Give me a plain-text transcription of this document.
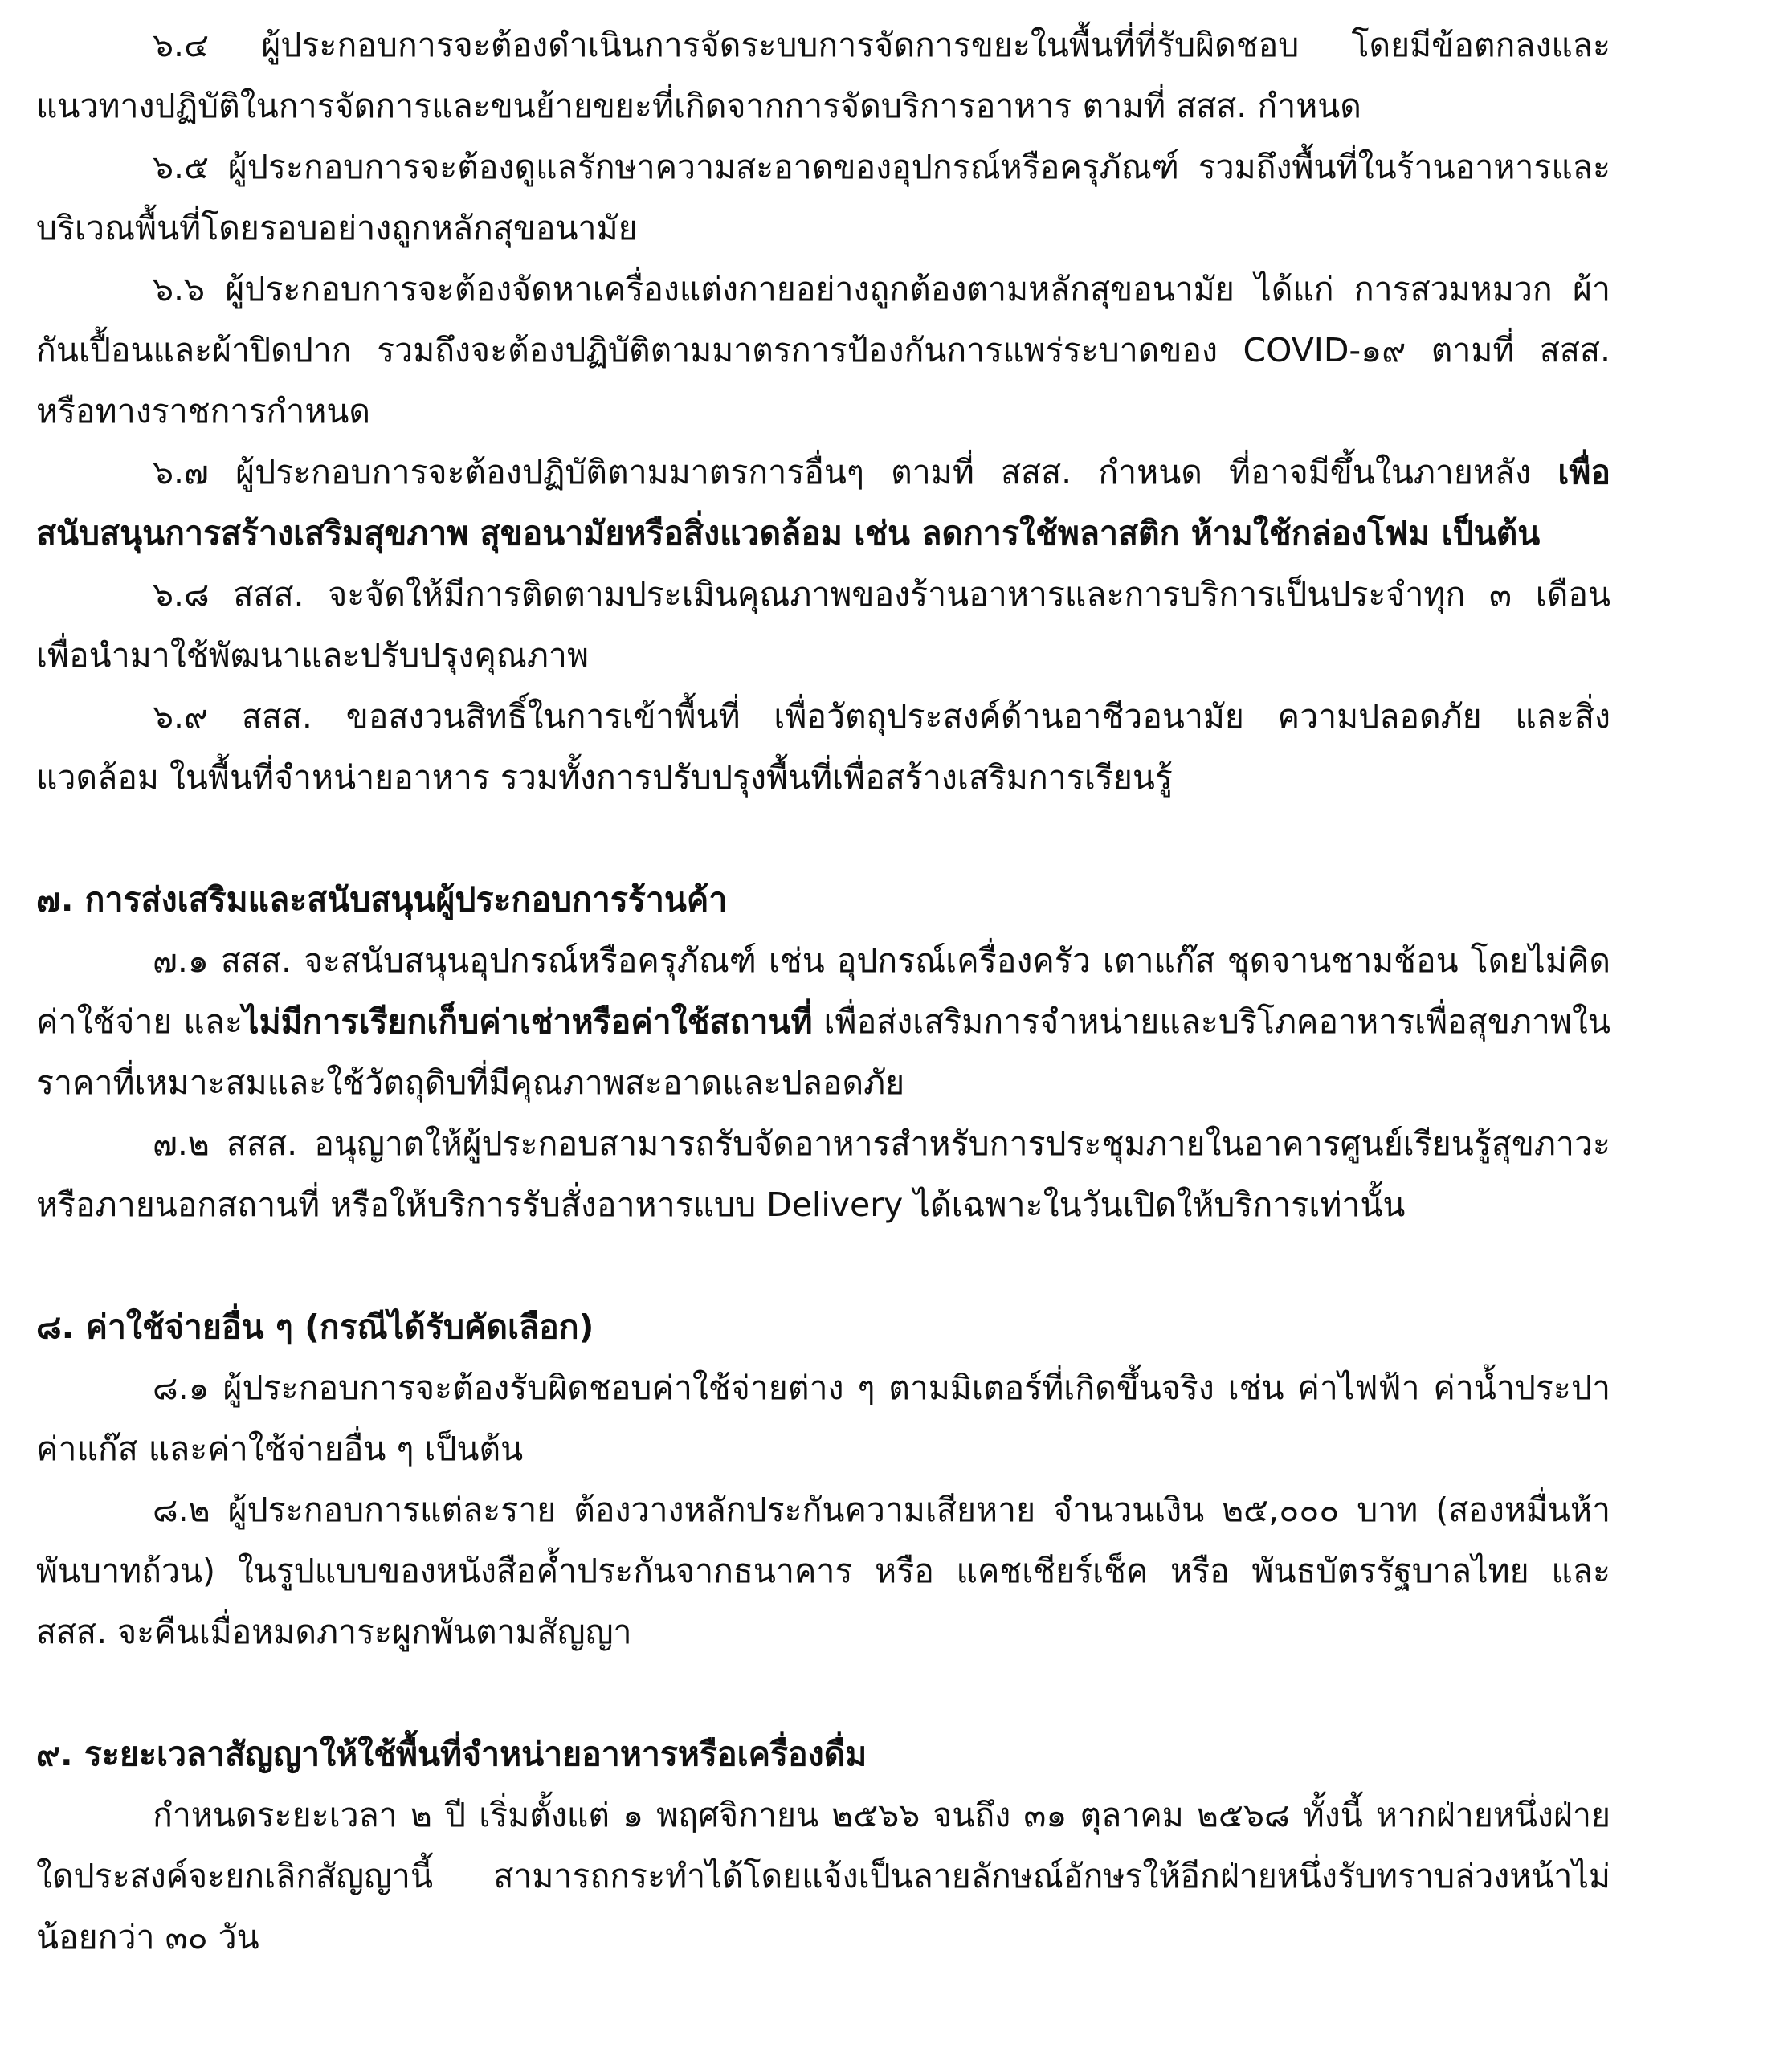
๖.๔ ผู้ประกอบการจะต้องดำเนินการจัดระบบการจัดการขยะในพื้นที่ที่รับผิดชอบ โดยมีข้อตกลงและแนวทางปฏิบัติในการจัดการและขนย้ายขยะที่เกิดจากการจัดบริการอาหาร ตามที่ สสส. กำหนด

๖.๕ ผู้ประกอบการจะต้องดูแลรักษาความสะอาดของอุปกรณ์หรือครุภัณฑ์ รวมถึงพื้นที่ในร้านอาหารและบริเวณพื้นที่โดยรอบอย่างถูกหลักสุขอนามัย

๖.๖ ผู้ประกอบการจะต้องจัดหาเครื่องแต่งกายอย่างถูกต้องตามหลักสุขอนามัย ได้แก่ การสวมหมวก ผ้ากันเปื้อนและผ้าปิดปาก รวมถึงจะต้องปฏิบัติตามมาตรการป้องกันการแพร่ระบาดของ COVID-๑๙ ตามที่ สสส. หรือทางราชการกำหนด

๖.๗ ผู้ประกอบการจะต้องปฏิบัติตามมาตรการอื่นๆ ตามที่ สสส. กำหนด ที่อาจมีขึ้นในภายหลัง เพื่อสนับสนุนการสร้างเสริมสุขภาพ สุขอนามัยหรือสิ่งแวดล้อม เช่น ลดการใช้พลาสติก ห้ามใช้กล่องโฟม เป็นต้น

๖.๘ สสส. จะจัดให้มีการติดตามประเมินคุณภาพของร้านอาหารและการบริการเป็นประจำทุก ๓ เดือน เพื่อนำมาใช้พัฒนาและปรับปรุงคุณภาพ

๖.๙ สสส. ขอสงวนสิทธิ์ในการเข้าพื้นที่ เพื่อวัตถุประสงค์ด้านอาชีวอนามัย ความปลอดภัย และสิ่งแวดล้อม ในพื้นที่จำหน่ายอาหาร รวมทั้งการปรับปรุงพื้นที่เพื่อสร้างเสริมการเรียนรู้

๗. การส่งเสริมและสนับสนุนผู้ประกอบการร้านค้า

๗.๑ สสส. จะสนับสนุนอุปกรณ์หรือครุภัณฑ์ เช่น อุปกรณ์เครื่องครัว เตาแก๊ส ชุดจานชามช้อน โดยไม่คิดค่าใช้จ่าย และไม่มีการเรียกเก็บค่าเช่าหรือค่าใช้สถานที่ เพื่อส่งเสริมการจำหน่ายและบริโภคอาหารเพื่อสุขภาพในราคาที่เหมาะสมและใช้วัตถุดิบที่มีคุณภาพสะอาดและปลอดภัย

๗.๒ สสส. อนุญาตให้ผู้ประกอบสามารถรับจัดอาหารสำหรับการประชุมภายในอาคารศูนย์เรียนรู้สุขภาวะ หรือภายนอกสถานที่ หรือให้บริการรับสั่งอาหารแบบ Delivery ได้เฉพาะในวันเปิดให้บริการเท่านั้น

๘. ค่าใช้จ่ายอื่น ๆ (กรณีได้รับคัดเลือก)

๘.๑ ผู้ประกอบการจะต้องรับผิดชอบค่าใช้จ่ายต่าง ๆ ตามมิเตอร์ที่เกิดขึ้นจริง เช่น ค่าไฟฟ้า ค่าน้ำประปา ค่าแก๊ส และค่าใช้จ่ายอื่น ๆ เป็นต้น

๘.๒ ผู้ประกอบการแต่ละราย ต้องวางหลักประกันความเสียหาย จำนวนเงิน ๒๕,๐๐๐ บาท (สองหมื่นห้าพันบาทถ้วน) ในรูปแบบของหนังสือค้ำประกันจากธนาคาร หรือ แคชเชียร์เช็ค หรือ พันธบัตรรัฐบาลไทย และ สสส. จะคืนเมื่อหมดภาระผูกพันตามสัญญา

๙. ระยะเวลาสัญญาให้ใช้พื้นที่จำหน่ายอาหารหรือเครื่องดื่ม

กำหนดระยะเวลา ๒ ปี เริ่มตั้งแต่ ๑ พฤศจิกายน ๒๕๖๖ จนถึง ๓๑ ตุลาคม ๒๕๖๘ ทั้งนี้ หากฝ่ายหนึ่งฝ่ายใดประสงค์จะยกเลิกสัญญานี้ สามารถกระทำได้โดยแจ้งเป็นลายลักษณ์อักษรให้อีกฝ่ายหนึ่งรับทราบล่วงหน้าไม่น้อยกว่า ๓๐ วัน
